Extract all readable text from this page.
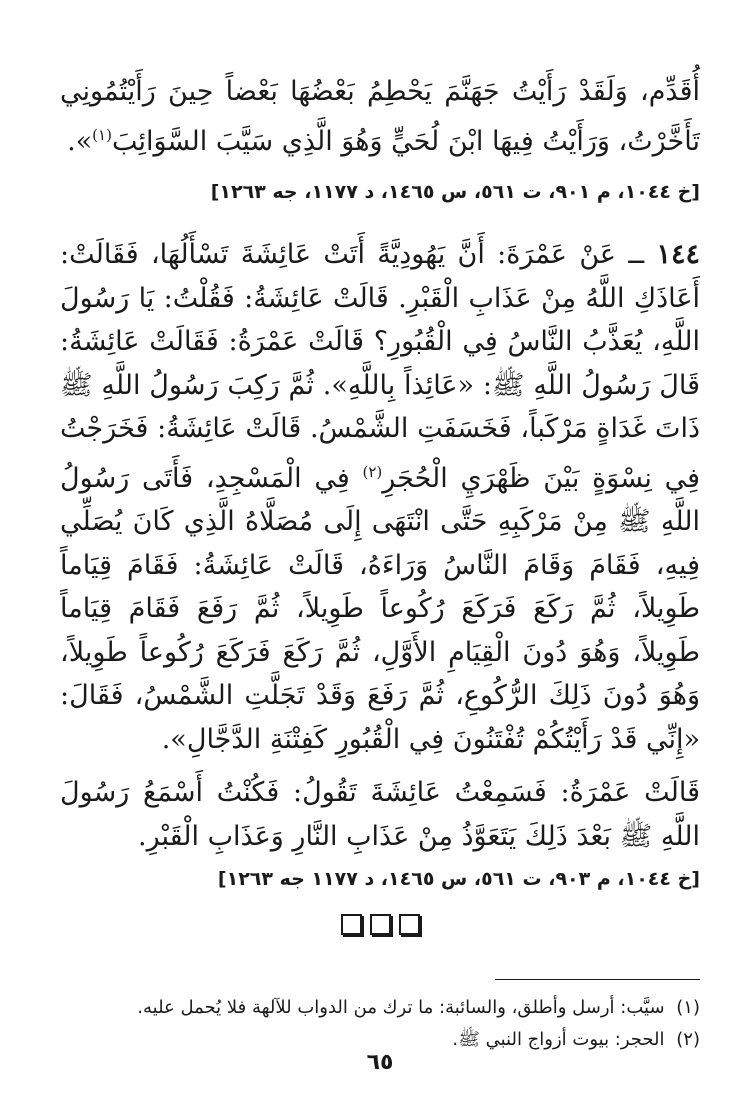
أُقَدِّم، وَلَقَدْ رَأَيْتُ جَهَنَّمَ يَحْطِمُ بَعْضُهَا بَعْضاً حِينَ رَأَيْتُمُونِي تَأَخَّرْتُ، وَرَأَيْتُ فِيهَا ابْنَ لُحَيٍّ وَهُوَ الَّذِي سَيَّبَ السَّوَائِبَ$^{(١)}$».

[خ ١٠٤٤، م ٩٠١، ت ٥٦١، س ١٤٦٥، د ١١٧٧، جه ١٢٦٣]

١٤٤ ــ عَنْ عَمْرَةَ: أَنَّ يَهُودِيَّةً أَتَتْ عَائِشَةَ تَسْأَلُهَا، فَقَالَتْ: أَعَاذَكِ اللَّهُ مِنْ عَذَابِ الْقَبْرِ. قَالَتْ عَائِشَةُ: فَقُلْتُ: يَا رَسُولَ اللَّهِ، يُعَذَّبُ النَّاسُ فِي الْقُبُورِ؟ قَالَتْ عَمْرَةُ: فَقَالَتْ عَائِشَةُ: قَالَ رَسُولُ اللَّهِ ﷺ: «عَائِذاً بِاللَّهِ». ثُمَّ رَكِبَ رَسُولُ اللَّهِ ﷺ ذَاتَ غَدَاةٍ مَرْكَباً، فَخَسَفَتِ الشَّمْسُ. قَالَتْ عَائِشَةُ: فَخَرَجْتُ فِي نِسْوَةٍ بَيْنَ ظَهْرَيِ الْحُجَرِ$^{(٢)}$ فِي الْمَسْجِدِ، فَأَتَى رَسُولُ اللَّهِ ﷺ مِنْ مَرْكَبِهِ حَتَّى انْتَهَى إِلَى مُصَلَّاهُ الَّذِي كَانَ يُصَلِّي فِيهِ، فَقَامَ وَقَامَ النَّاسُ وَرَاءَهُ، قَالَتْ عَائِشَةُ: فَقَامَ قِيَاماً طَوِيلاً، ثُمَّ رَكَعَ فَرَكَعَ رُكُوعاً طَوِيلاً، ثُمَّ رَفَعَ فَقَامَ قِيَاماً طَوِيلاً، وَهُوَ دُونَ الْقِيَامِ الأَوَّلِ، ثُمَّ رَكَعَ فَرَكَعَ رُكُوعاً طَوِيلاً، وَهُوَ دُونَ ذَلِكَ الرُّكُوعِ، ثُمَّ رَفَعَ وَقَدْ تَجَلَّتِ الشَّمْسُ، فَقَالَ: «إِنِّي قَدْ رَأَيْتُكُمْ تُفْتَنُونَ فِي الْقُبُورِ كَفِتْنَةِ الدَّجَّالِ».

قَالَتْ عَمْرَةُ: فَسَمِعْتُ عَائِشَةَ تَقُولُ: فَكُنْتُ أَسْمَعُ رَسُولَ اللَّهِ ﷺ بَعْدَ ذَلِكَ يَتَعَوَّذُ مِنْ عَذَابِ النَّارِ وَعَذَابِ الْقَبْرِ.

[خ ١٠٤٤، م ٩٠٣، ت ٥٦١، س ١٤٦٥، د ١١٧٧ جه ١٢٦٣]

(١) سيَّب: أرسل وأطلق، والسائبة: ما ترك من الدواب للآلهة فلا يُحمل عليه.

(٢) الحجر: بيوت أزواج النبي ﷺ.

٦٥
